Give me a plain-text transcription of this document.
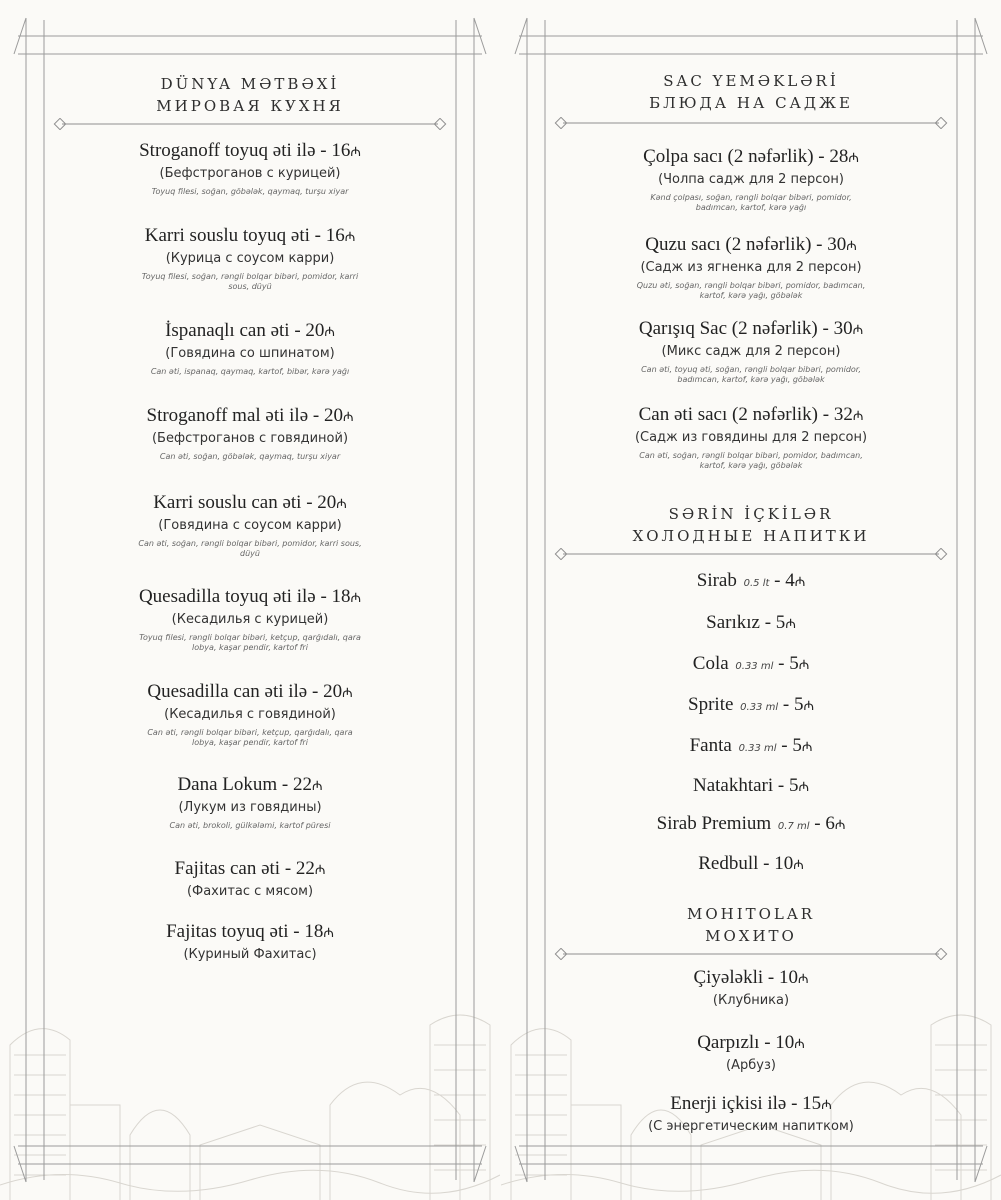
DÜNYA MƏTBƏXİ
МИРОВАЯ КУХНЯ
Stroganoff toyuq əti ilə - 16₼
(Бефстроганов с курицей)
Toyuq filesi, soğan, göbələk, qaymaq, turşu xiyar
Karri souslu toyuq əti - 16₼
(Курица с соусом карри)
Toyuq filesi, soğan, rəngli bolqar bibəri, pomidor, karri sous, düyü
İspanaqlı can əti - 20₼
(Говядина со шпинатом)
Can əti, ispanaq, qaymaq, kartof, bibər, kərə yağı
Stroganoff mal əti ilə - 20₼
(Бефстроганов с говядиной)
Can əti, soğan, göbələk, qaymaq, turşu xiyar
Karri souslu can əti - 20₼
(Говядина с соусом карри)
Can əti, soğan, rəngli bolqar bibəri, pomidor, karri sous, düyü
Quesadilla toyuq əti ilə - 18₼
(Кесадилья с курицей)
Toyuq filesi, rəngli bolqar bibəri, ketçup, qarğıdalı, qara lobya, kaşar pendir, kartof fri
Quesadilla can əti ilə - 20₼
(Кесадилья с говядиной)
Can əti, rəngli bolqar bibəri, ketçup, qarğıdalı, qara lobya, kaşar pendir, kartof fri
Dana Lokum - 22₼
(Лукум из говядины)
Can əti, brokoli, gülkələmi, kartof püresi
Fajitas can əti - 22₼
(Фахитас с мясом)
Fajitas toyuq əti - 18₼
(Куриный Фахитас)
SAC YEMƏKLƏRİ
БЛЮДА НА САДЖЕ
Çolpa sacı (2 nəfərlik) - 28₼
(Чолпа садж для 2 персон)
Kənd çolpası, soğan, rəngli bolqar bibəri, pomidor, badımcan, kartof, kərə yağı
Quzu sacı (2 nəfərlik) - 30₼
(Садж из ягненка для 2 персон)
Quzu əti, soğan, rəngli bolqar bibəri, pomidor, badımcan, kartof, kərə yağı, göbələk
Qarışıq Sac (2 nəfərlik) - 30₼
(Микс садж для 2 персон)
Can əti, toyuq əti, soğan, rəngli bolqar bibəri, pomidor, badımcan, kartof, kərə yağı, göbələk
Can əti sacı (2 nəfərlik) - 32₼
(Садж из говядины для 2 персон)
Can əti, soğan, rəngli bolqar bibəri, pomidor, badımcan, kartof, kərə yağı, göbələk
SƏRİN İÇKİLƏR
ХОЛОДНЫЕ НАПИТКИ
Sirab 0.5 lt - 4₼
Sarıkız - 5₼
Cola 0.33 ml - 5₼
Sprite 0.33 ml - 5₼
Fanta 0.33 ml - 5₼
Natakhtari - 5₼
Sirab Premium 0.7 ml - 6₼
Redbull - 10₼
MOHITOLAR
МОХИТО
Çiyələkli - 10₼
(Клубника)
Qarpızlı - 10₼
(Арбуз)
Enerji içkisi ilə - 15₼
(С энергетическим напитком)
